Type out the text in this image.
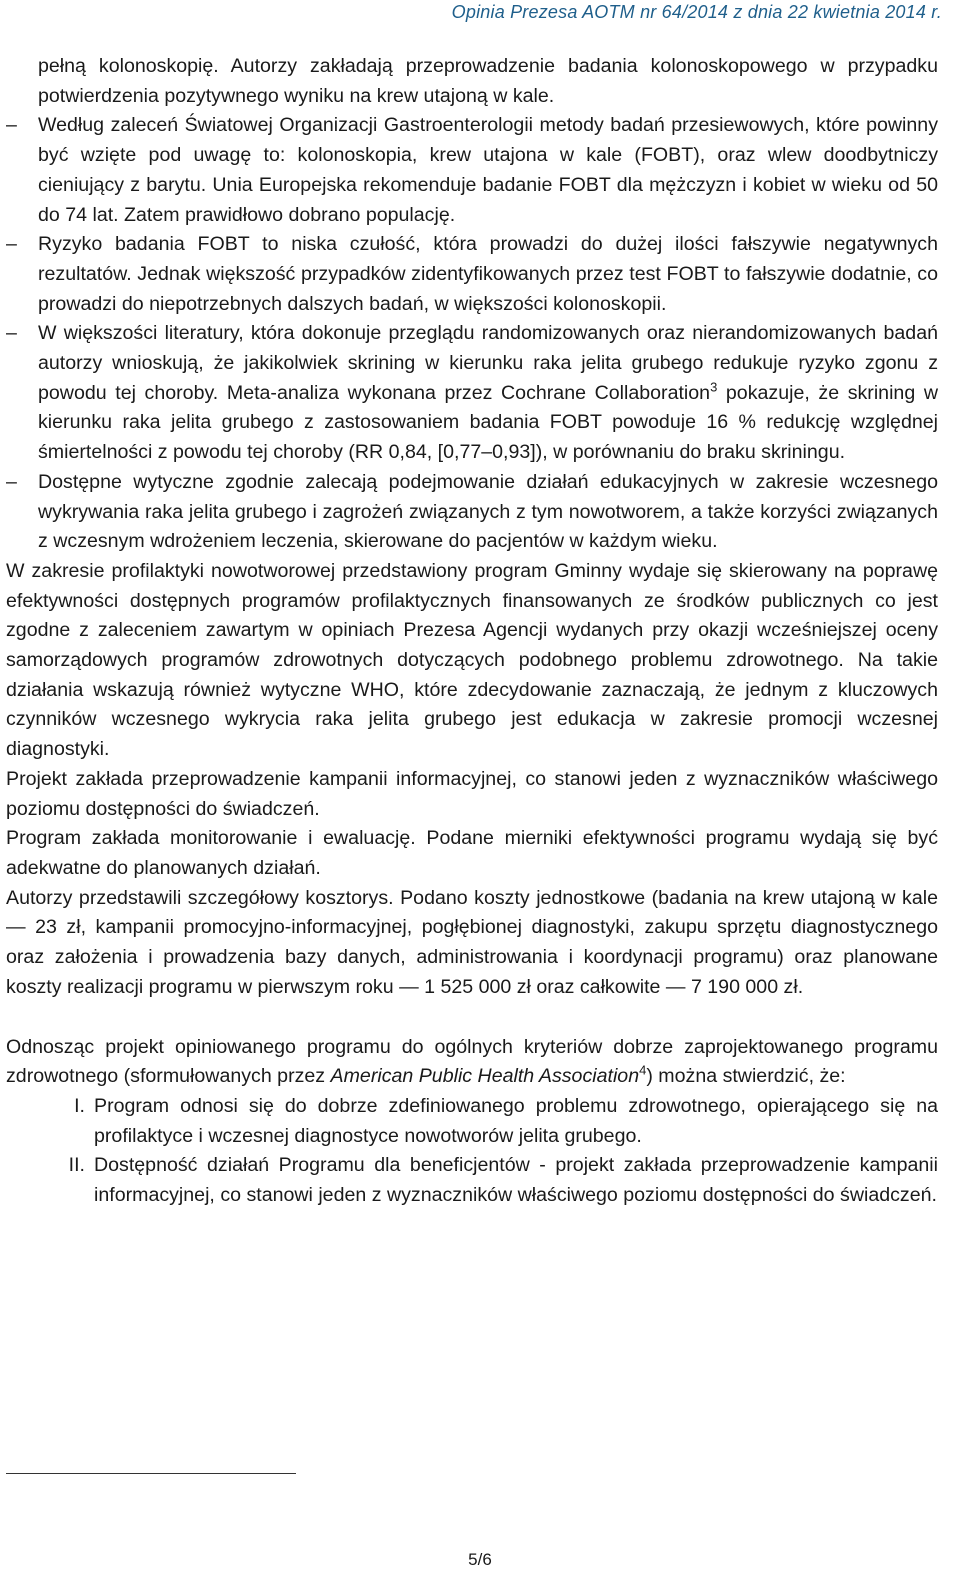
Opinia Prezesa AOTM nr 64/2014 z dnia 22 kwietnia 2014 r.
pełną kolonoskopię. Autorzy zakładają przeprowadzenie badania kolonoskopowego w przypadku potwierdzenia pozytywnego wyniku na krew utajoną w kale.
– Według zaleceń Światowej Organizacji Gastroenterologii metody badań przesiewowych, które powinny być wzięte pod uwagę to: kolonoskopia, krew utajona w kale (FOBT), oraz wlew doodbytniczy cieniujący z barytu. Unia Europejska rekomenduje badanie FOBT dla mężczyzn i kobiet w wieku od 50 do 74 lat. Zatem prawidłowo dobrano populację.
– Ryzyko badania FOBT to niska czułość, która prowadzi do dużej ilości fałszywie negatywnych rezultatów. Jednak większość przypadków zidentyfikowanych przez test FOBT to fałszywie dodatnie, co prowadzi do niepotrzebnych dalszych badań, w większości kolonoskopii.
– W większości literatury, która dokonuje przeglądu randomizowanych oraz nierandomizowanych badań autorzy wnioskują, że jakikolwiek skrining w kierunku raka jelita grubego redukuje ryzyko zgonu z powodu tej choroby. Meta-analiza wykonana przez Cochrane Collaboration$^3$ pokazuje, że skrining w kierunku raka jelita grubego z zastosowaniem badania FOBT powoduje 16 % redukcję względnej śmiertelności z powodu tej choroby (RR 0,84, [0,77–0,93]), w porównaniu do braku skriningu.
– Dostępne wytyczne zgodnie zalecają podejmowanie działań edukacyjnych w zakresie wczesnego wykrywania raka jelita grubego i zagrożeń związanych z tym nowotworem, a także korzyści związanych z wczesnym wdrożeniem leczenia, skierowane do pacjentów w każdym wieku.
W zakresie profilaktyki nowotworowej przedstawiony program Gminny wydaje się skierowany na poprawę efektywności dostępnych programów profilaktycznych finansowanych ze środków publicznych co jest zgodne z zaleceniem zawartym w opiniach Prezesa Agencji wydanych przy okazji wcześniejszej oceny samorządowych programów zdrowotnych dotyczących podobnego problemu zdrowotnego. Na takie działania wskazują również wytyczne WHO, które zdecydowanie zaznaczają, że jednym z kluczowych czynników wczesnego wykrycia raka jelita grubego jest edukacja w zakresie promocji wczesnej diagnostyki.
Projekt zakłada przeprowadzenie kampanii informacyjnej, co stanowi jeden z wyznaczników właściwego poziomu dostępności do świadczeń.
Program zakłada monitorowanie i ewaluację. Podane mierniki efektywności programu wydają się być adekwatne do planowanych działań.
Autorzy przedstawili szczegółowy kosztorys. Podano koszty jednostkowe (badania na krew utajoną w kale — 23 zł, kampanii promocyjno-informacyjnej, pogłębionej diagnostyki, zakupu sprzętu diagnostycznego oraz założenia i prowadzenia bazy danych, administrowania i koordynacji programu) oraz planowane koszty realizacji programu w pierwszym roku — 1 525 000 zł oraz całkowite — 7 190 000 zł.
Odnosząc projekt opiniowanego programu do ogólnych kryteriów dobrze zaprojektowanego programu zdrowotnego (sformułowanych przez American Public Health Association$^4$) można stwierdzić, że:
I. Program odnosi się do dobrze zdefiniowanego problemu zdrowotnego, opierającego się na profilaktyce i wczesnej diagnostyce nowotworów jelita grubego.
II. Dostępność działań Programu dla beneficjentów - projekt zakłada przeprowadzenie kampanii informacyjnej, co stanowi jeden z wyznaczników właściwego poziomu dostępności do świadczeń.
5/6
